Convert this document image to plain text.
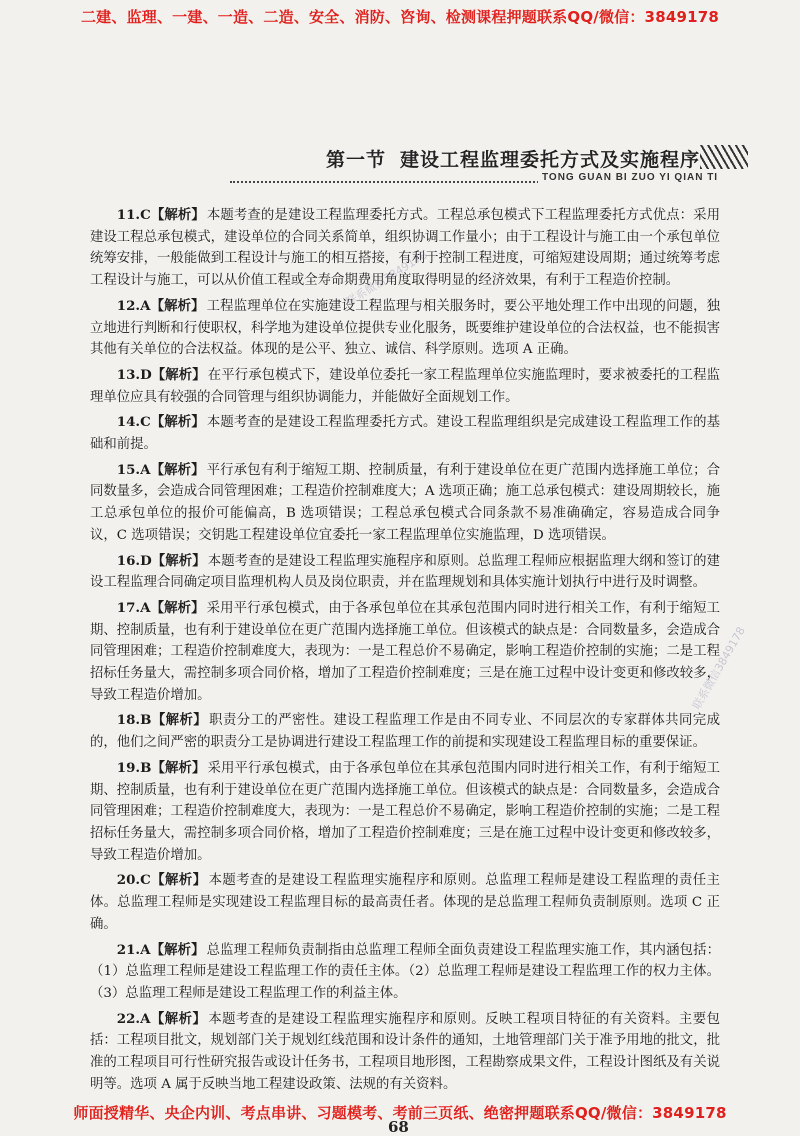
二建、监理、一建、一造、二造、安全、消防、咨询、检测课程押题联系QQ/微信：3849178
第一节 建设工程监理委托方式及实施程序
TONG GUAN BI ZUO YI QIAN TI

11.C【解析】 本题考查的是建设工程监理委托方式。工程总承包模式下工程监理委托方式优点：采用建设工程总承包模式，建设单位的合同关系简单，组织协调工作量小；由于工程设计与施工由一个承包单位统筹安排，一般能做到工程设计与施工的相互搭接，有利于控制工程进度，可缩短建设周期；通过统筹考虑工程设计与施工，可以从价值工程或全寿命期费用角度取得明显的经济效果，有利于工程造价控制。

12.A【解析】 工程监理单位在实施建设工程监理与相关服务时，要公平地处理工作中出现的问题，独立地进行判断和行使职权，科学地为建设单位提供专业化服务，既要维护建设单位的合法权益，也不能损害其他有关单位的合法权益。体现的是公平、独立、诚信、科学原则。选项 A 正确。

13.D【解析】 在平行承包模式下，建设单位委托一家工程监理单位实施监理时，要求被委托的工程监理单位应具有较强的合同管理与组织协调能力，并能做好全面规划工作。

14.C【解析】 本题考查的是建设工程监理委托方式。建设工程监理组织是完成建设工程监理工作的基础和前提。

15.A【解析】 平行承包有利于缩短工期、控制质量，有利于建设单位在更广范围内选择施工单位；合同数量多，会造成合同管理困难；工程造价控制难度大；A 选项正确；施工总承包模式：建设周期较长，施工总承包单位的报价可能偏高，B 选项错误；工程总承包模式合同条款不易准确确定，容易造成合同争议，C 选项错误；交钥匙工程建设单位宜委托一家工程监理单位实施监理，D 选项错误。

16.D【解析】 本题考查的是建设工程监理实施程序和原则。总监理工程师应根据监理大纲和签订的建设工程监理合同确定项目监理机构人员及岗位职责，并在监理规划和具体实施计划执行中进行及时调整。

17.A【解析】 采用平行承包模式，由于各承包单位在其承包范围内同时进行相关工作，有利于缩短工期、控制质量，也有利于建设单位在更广范围内选择施工单位。但该模式的缺点是：合同数量多，会造成合同管理困难；工程造价控制难度大，表现为：一是工程总价不易确定，影响工程造价控制的实施；二是工程招标任务量大，需控制多项合同价格，增加了工程造价控制难度；三是在施工过程中设计变更和修改较多，导致工程造价增加。

18.B【解析】 职责分工的严密性。建设工程监理工作是由不同专业、不同层次的专家群体共同完成的，他们之间严密的职责分工是协调进行建设工程监理工作的前提和实现建设工程监理目标的重要保证。

19.B【解析】 采用平行承包模式，由于各承包单位在其承包范围内同时进行相关工作，有利于缩短工期、控制质量，也有利于建设单位在更广范围内选择施工单位。但该模式的缺点是：合同数量多，会造成合同管理困难；工程造价控制难度大，表现为：一是工程总价不易确定，影响工程造价控制的实施；二是工程招标任务量大，需控制多项合同价格，增加了工程造价控制难度；三是在施工过程中设计变更和修改较多，导致工程造价增加。

20.C【解析】 本题考查的是建设工程监理实施程序和原则。总监理工程师是建设工程监理的责任主体。总监理工程师是实现建设工程监理目标的最高责任者。体现的是总监理工程师负责制原则。选项 C 正确。

21.A【解析】 总监理工程师负责制指由总监理工程师全面负责建设工程监理实施工作，其内涵包括：（1）总监理工程师是建设工程监理工作的责任主体。（2）总监理工程师是建设工程监理工作的权力主体。（3）总监理工程师是建设工程监理工作的利益主体。

22.A【解析】 本题考查的是建设工程监理实施程序和原则。反映工程项目特征的有关资料。主要包括：工程项目批文，规划部门关于规划红线范围和设计条件的通知，土地管理部门关于准予用地的批文，批准的工程项目可行性研究报告或设计任务书，工程项目地形图，工程勘察成果文件，工程设计图纸及有关说明等。选项 A 属于反映当地工程建设政策、法规的有关资料。

联系微信3849178
联系微信3849178
68
师面授精华、央企内训、考点串讲、习题模考、考前三页纸、绝密押题联系QQ/微信：3849178
